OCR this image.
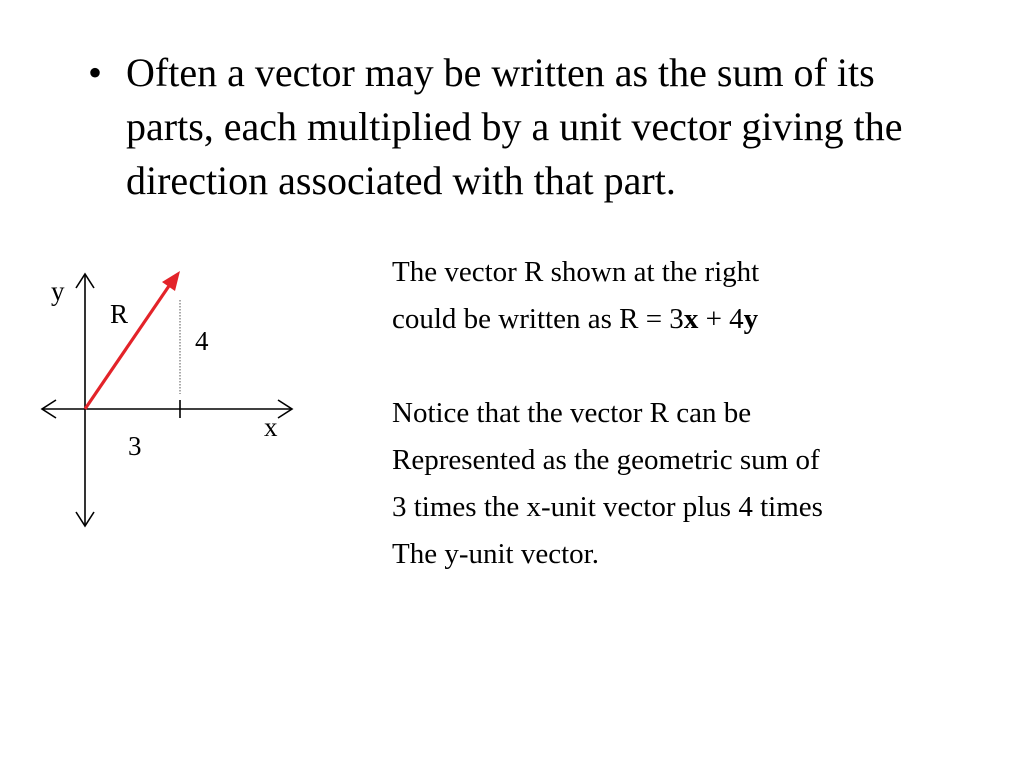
• Often a vector may be written as the sum of its parts, each multiplied by a unit vector giving the direction associated with that part.
y
R
4
x
3
The vector R shown at the right
could be written as R = 3x + 4y
Notice that the vector R can be
Represented as the geometric sum of
3 times the x-unit vector plus 4 times
The y-unit vector.
